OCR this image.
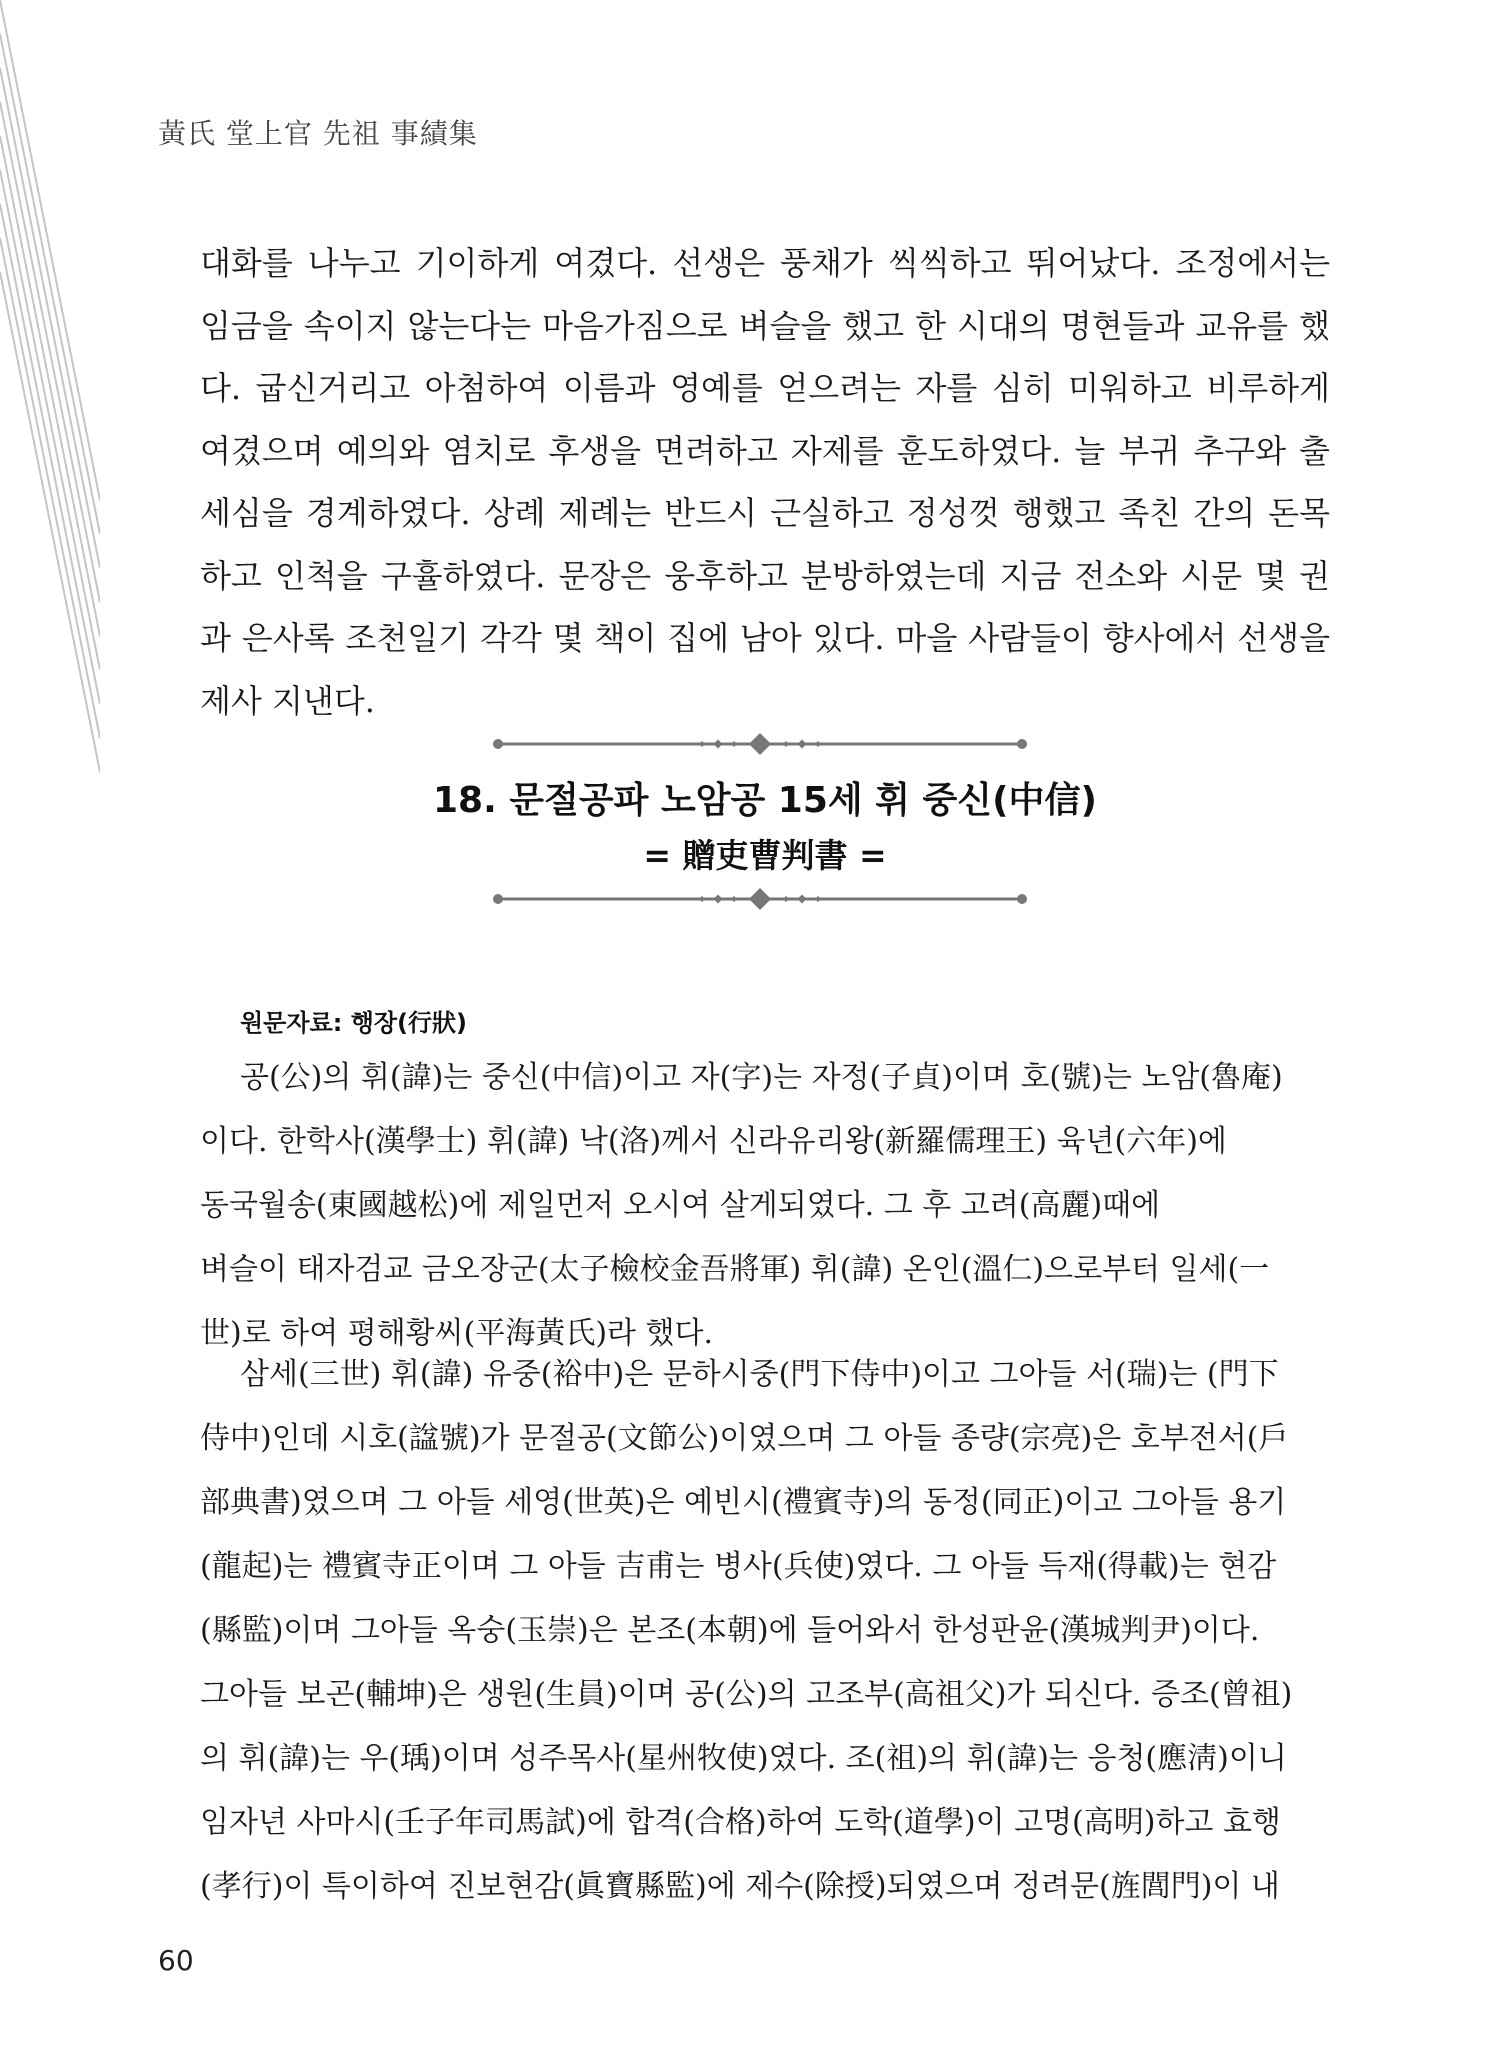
黃氏 堂上官 先祖 事績集

대화를 나누고 기이하게 여겼다. 선생은 풍채가 씩씩하고 뛰어났다. 조정에서는 임금을 속이지 않는다는 마음가짐으로 벼슬을 했고 한 시대의 명현들과 교유를 했다. 굽신거리고 아첨하여 이름과 영예를 얻으려는 자를 심히 미워하고 비루하게 여겼으며 예의와 염치로 후생을 면려하고 자제를 훈도하였다. 늘 부귀 추구와 출세심을 경계하였다. 상례 제례는 반드시 근실하고 정성껏 행했고 족친 간의 돈목하고 인척을 구휼하였다. 문장은 웅후하고 분방하였는데 지금 전소와 시문 몇 권과 은사록 조천일기 각각 몇 책이 집에 남아 있다. 마을 사람들이 향사에서 선생을 제사 지낸다.

18. 문절공파 노암공 15세 휘 중신(中信)
= 贈吏曹判書 =

원문자료: 행장(行狀)

공(公)의 휘(諱)는 중신(中信)이고 자(字)는 자정(子貞)이며 호(號)는 노암(魯庵)
이다. 한학사(漢學士) 휘(諱) 낙(洛)께서 신라유리왕(新羅儒理王) 육년(六年)에
동국월송(東國越松)에 제일먼저 오시여 살게되였다. 그 후 고려(高麗)때에
벼슬이 태자검교 금오장군(太子檢校金吾將軍) 휘(諱) 온인(溫仁)으로부터 일세(一
世)로 하여 평해황씨(平海黃氏)라 했다.
삼세(三世) 휘(諱) 유중(裕中)은 문하시중(門下侍中)이고 그아들 서(瑞)는 (門下
侍中)인데 시호(諡號)가 문절공(文節公)이였으며 그 아들 종량(宗亮)은 호부전서(戶
部典書)였으며 그 아들 세영(世英)은 예빈시(禮賓寺)의 동정(同正)이고 그아들 용기
(龍起)는 禮賓寺正이며 그 아들 吉甫는 병사(兵使)였다. 그 아들 득재(得載)는 현감
(縣監)이며 그아들 옥숭(玉崇)은 본조(本朝)에 들어와서 한성판윤(漢城判尹)이다.
그아들 보곤(輔坤)은 생원(生員)이며 공(公)의 고조부(高祖父)가 되신다. 증조(曾祖)
의 휘(諱)는 우(瑀)이며 성주목사(星州牧使)였다. 조(祖)의 휘(諱)는 응청(應淸)이니
임자년 사마시(壬子年司馬試)에 합격(合格)하여 도학(道學)이 고명(高明)하고 효행
(孝行)이 특이하여 진보현감(眞寶縣監)에 제수(除授)되였으며 정려문(旌閭門)이 내

60
